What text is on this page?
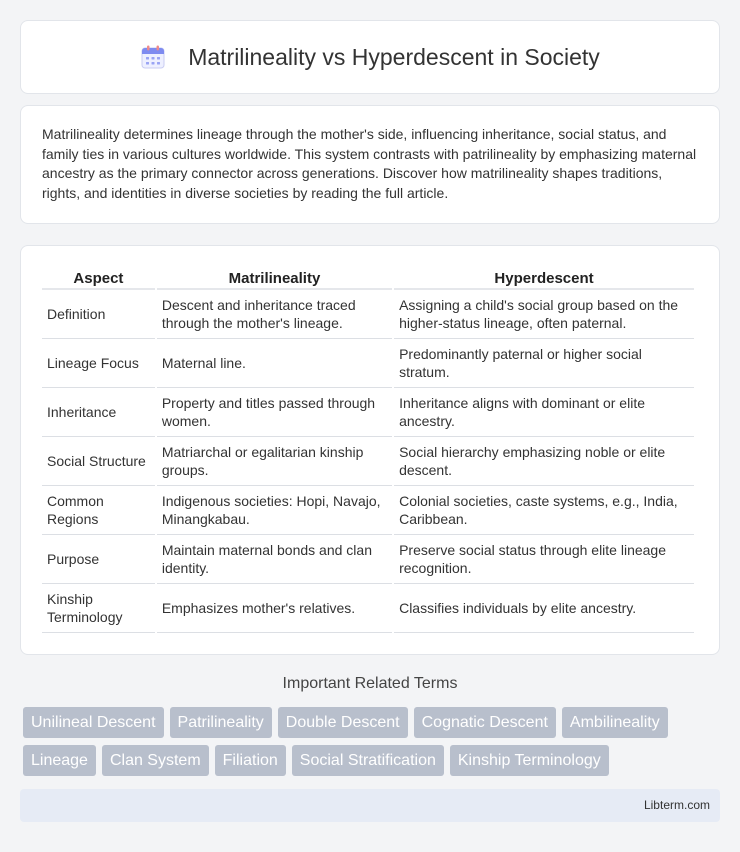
Matrilineality vs Hyperdescent in Society

Matrilineality determines lineage through the mother's side, influencing inheritance, social status, and family ties in various cultures worldwide. This system contrasts with patrilineality by emphasizing maternal ancestry as the primary connector across generations. Discover how matrilineality shapes traditions, rights, and identities in diverse societies by reading the full article.

Aspect	Matrilineality	Hyperdescent
Definition	Descent and inheritance traced through the mother's lineage.	Assigning a child's social group based on the higher-status lineage, often paternal.
Lineage Focus	Maternal line.	Predominantly paternal or higher social stratum.
Inheritance	Property and titles passed through women.	Inheritance aligns with dominant or elite ancestry.
Social Structure	Matriarchal or egalitarian kinship groups.	Social hierarchy emphasizing noble or elite descent.
Common Regions	Indigenous societies: Hopi, Navajo, Minangkabau.	Colonial societies, caste systems, e.g., India, Caribbean.
Purpose	Maintain maternal bonds and clan identity.	Preserve social status through elite lineage recognition.
Kinship Terminology	Emphasizes mother's relatives.	Classifies individuals by elite ancestry.
Important Related Terms
Unilineal Descent	Patrilineality	Double Descent	Cognatic Descent	Ambilineality
Lineage	Clan System	Filiation	Social Stratification	Kinship Terminology
Libterm.com
